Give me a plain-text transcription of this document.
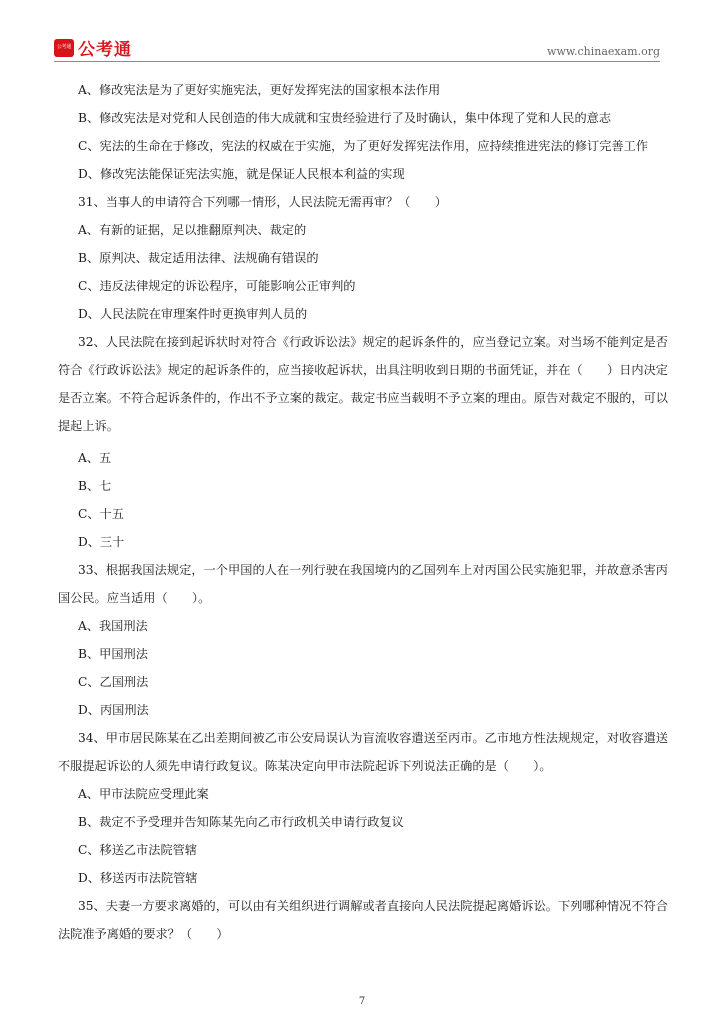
公考通 公考通	www.chinaexam.org
A、修改宪法是为了更好实施宪法，更好发挥宪法的国家根本法作用
B、修改宪法是对党和人民创造的伟大成就和宝贵经验进行了及时确认，集中体现了党和人民的意志
C、宪法的生命在于修改，宪法的权威在于实施，为了更好发挥宪法作用，应持续推进宪法的修订完善工作
D、修改宪法能保证宪法实施，就是保证人民根本利益的实现
31、当事人的申请符合下列哪一情形，人民法院无需再审？（　　）
A、有新的证据，足以推翻原判决、裁定的
B、原判决、裁定适用法律、法规确有错误的
C、违反法律规定的诉讼程序，可能影响公正审判的
D、人民法院在审理案件时更换审判人员的
32、人民法院在接到起诉状时对符合《行政诉讼法》规定的起诉条件的，应当登记立案。对当场不能判定是否符合《行政诉讼法》规定的起诉条件的，应当接收起诉状，出具注明收到日期的书面凭证，并在（　　）日内决定是否立案。不符合起诉条件的，作出不予立案的裁定。裁定书应当载明不予立案的理由。原告对裁定不服的，可以提起上诉。
A、五
B、七
C、十五
D、三十
33、根据我国法规定，一个甲国的人在一列行驶在我国境内的乙国列车上对丙国公民实施犯罪，并故意杀害丙国公民。应当适用（　　）。
A、我国刑法
B、甲国刑法
C、乙国刑法
D、丙国刑法
34、甲市居民陈某在乙出差期间被乙市公安局误认为盲流收容遣送至丙市。乙市地方性法规规定，对收容遣送不服提起诉讼的人须先申请行政复议。陈某决定向甲市法院起诉下列说法正确的是（　　）。
A、甲市法院应受理此案
B、裁定不予受理并告知陈某先向乙市行政机关申请行政复议
C、移送乙市法院管辖
D、移送丙市法院管辖
35、夫妻一方要求离婚的，可以由有关组织进行调解或者直接向人民法院提起离婚诉讼。下列哪种情况不符合法院准予离婚的要求？（　　）
7
